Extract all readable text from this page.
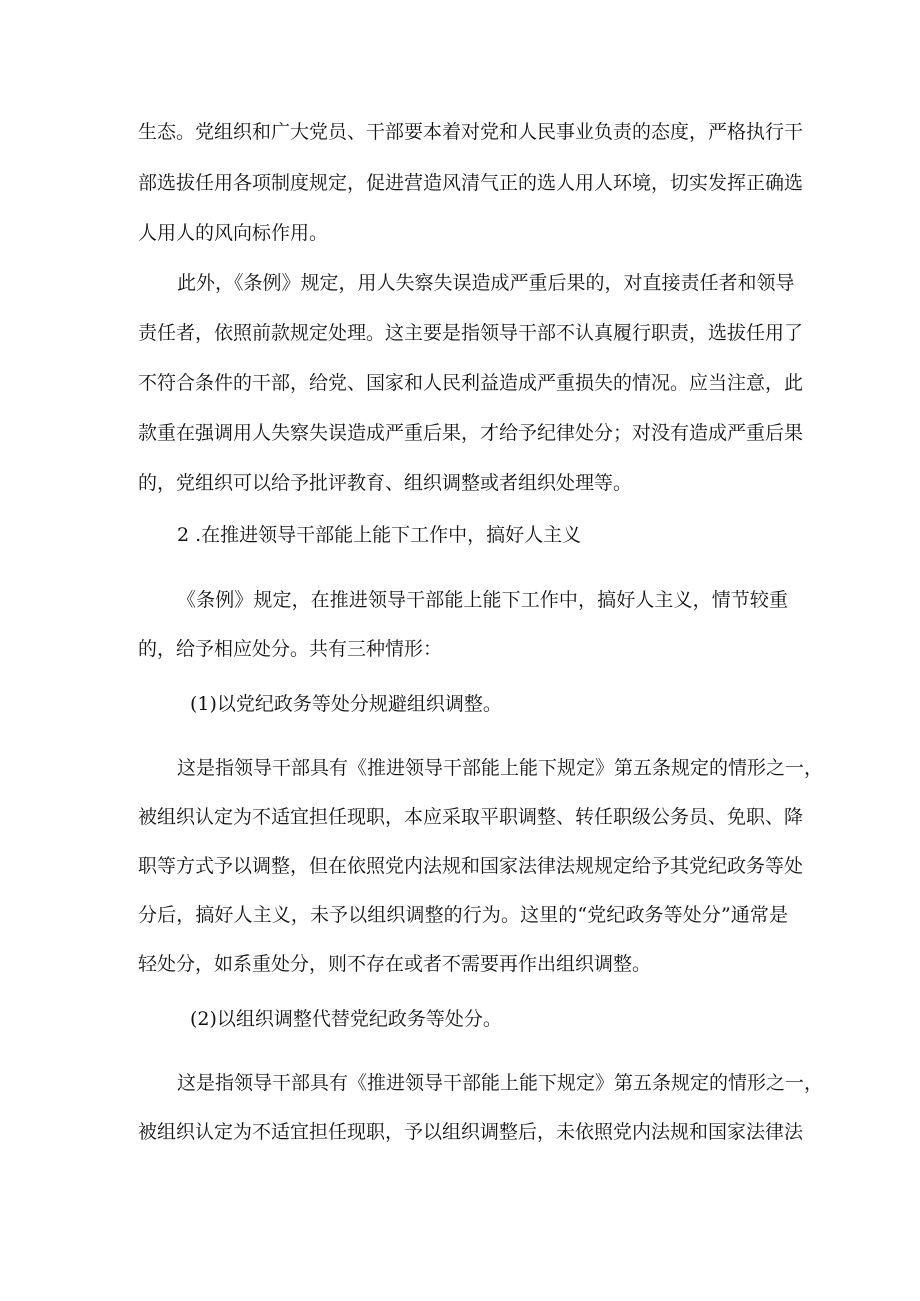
生态。党组织和广大党员、干部要本着对党和人民事业负责的态度，严格执行干

部选拔任用各项制度规定，促进营造风清气正的选人用人环境，切实发挥正确选

人用人的风向标作用。

此外，《条例》规定，用人失察失误造成严重后果的，对直接责任者和领导

责任者，依照前款规定处理。这主要是指领导干部不认真履行职责，选拔任用了

不符合条件的干部，给党、国家和人民利益造成严重损失的情况。应当注意，此

款重在强调用人失察失误造成严重后果，才给予纪律处分；对没有造成严重后果

的，党组织可以给予批评教育、组织调整或者组织处理等。

2 .在推进领导干部能上能下工作中，搞好人主义

《条例》规定，在推进领导干部能上能下工作中，搞好人主义，情节较重

的，给予相应处分。共有三种情形：

(1)以党纪政务等处分规避组织调整。

这是指领导干部具有《推进领导干部能上能下规定》第五条规定的情形之一，

被组织认定为不适宜担任现职，本应采取平职调整、转任职级公务员、免职、降

职等方式予以调整，但在依照党内法规和国家法律法规规定给予其党纪政务等处

分后，搞好人主义，未予以组织调整的行为。这里的“党纪政务等处分”通常是

轻处分，如系重处分，则不存在或者不需要再作出组织调整。

(2)以组织调整代替党纪政务等处分。

这是指领导干部具有《推进领导干部能上能下规定》第五条规定的情形之一，

被组织认定为不适宜担任现职，予以组织调整后，未依照党内法规和国家法律法
